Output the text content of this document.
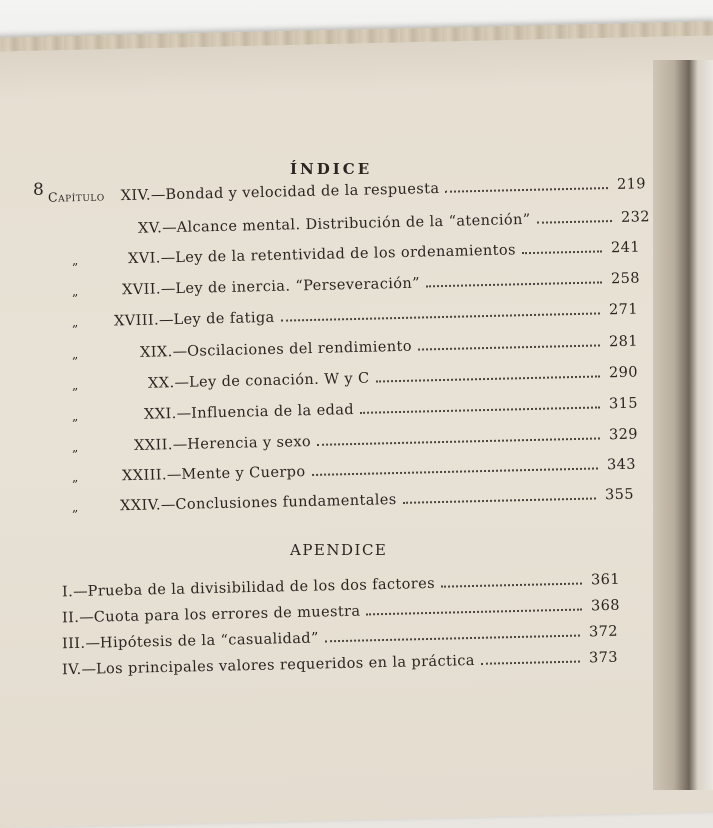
ÍNDICE
8 Capítulo XIV. — Bondad y velocidad de la respuesta	219
XV. — Alcance mental. Distribución de la “atención”	232
„	XVI. — Ley de la retentividad de los ordenamientos	241
„	XVII. — Ley de inercia. “Perseveración”	258
„	XVIII. — Ley de fatiga	271
„	XIX. — Oscilaciones del rendimiento	281
„	XX. — Ley de conación. W y C	290
„	XXI. — Influencia de la edad	315
„	XXII. — Herencia y sexo	329
„	XXIII. — Mente y Cuerpo	343
„	XXIV. — Conclusiones fundamentales	355
APENDICE
I. — Prueba de la divisibilidad de los dos factores	361
II. — Cuota para los errores de muestra	368
III. — Hipótesis de la “casualidad”	372
IV. — Los principales valores requeridos en la práctica	373
